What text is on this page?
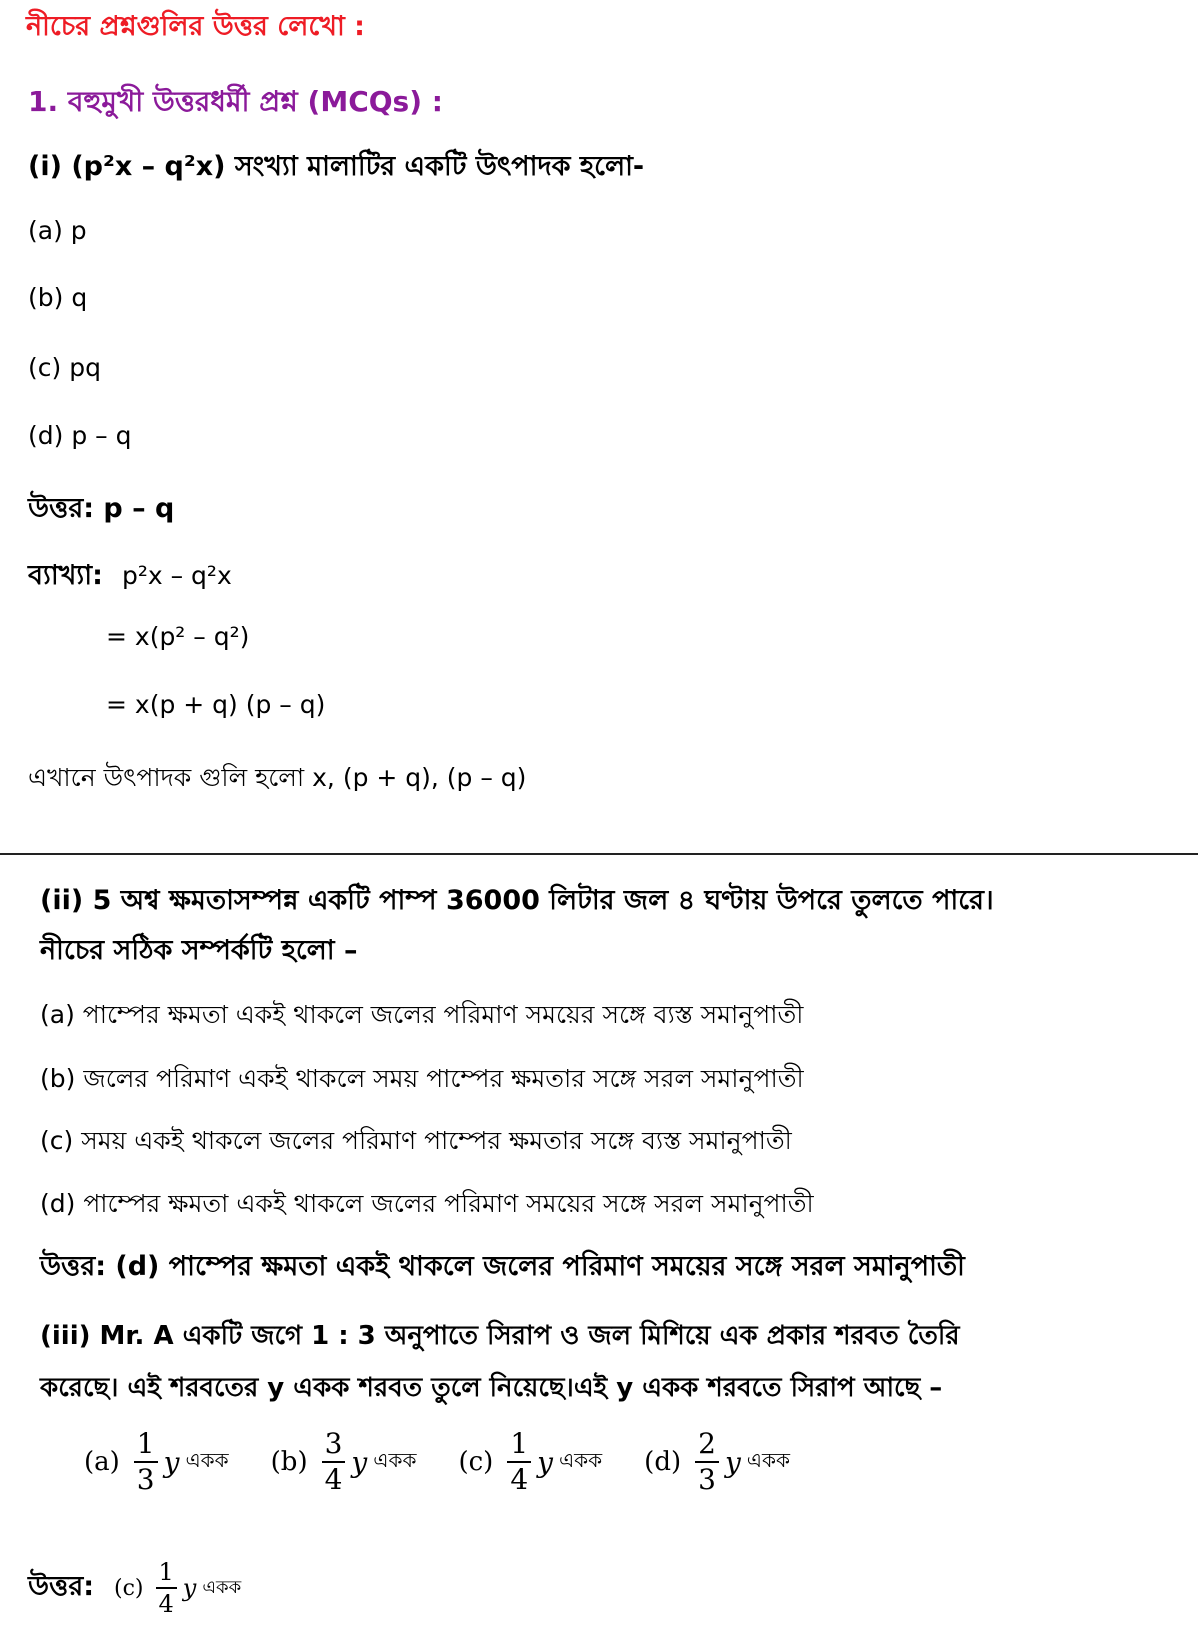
নীচের প্রশ্নগুলির উত্তর লেখো :
1. বহুমুখী উত্তরধর্মী প্রশ্ন (MCQs) :
(i) (p²x – q²x) সংখ্যা মালাটির একটি উৎপাদক হলো-
(a) p
(b) q
(c) pq
(d) p – q
উত্তর: p – q
ব্যাখ্যা: p²x – q²x
= x(p² – q²)
= x(p + q) (p – q)
এখানে উৎপাদক গুলি হলো x, (p + q), (p – q)
(ii) 5 অশ্ব ক্ষমতাসম্পন্ন একটি পাম্প 36000 লিটার জল ৪ ঘণ্টায় উপরে তুলতে পারে।
নীচের সঠিক সম্পর্কটি হলো –
(a) পাম্পের ক্ষমতা একই থাকলে জলের পরিমাণ সময়ের সঙ্গে ব্যস্ত সমানুপাতী
(b) জলের পরিমাণ একই থাকলে সময় পাম্পের ক্ষমতার সঙ্গে সরল সমানুপাতী
(c) সময় একই থাকলে জলের পরিমাণ পাম্পের ক্ষমতার সঙ্গে ব্যস্ত সমানুপাতী
(d) পাম্পের ক্ষমতা একই থাকলে জলের পরিমাণ সময়ের সঙ্গে সরল সমানুপাতী
উত্তর: (d) পাম্পের ক্ষমতা একই থাকলে জলের পরিমাণ সময়ের সঙ্গে সরল সমানুপাতী
(iii) Mr. A একটি জগে 1 : 3 অনুপাতে সিরাপ ও জল মিশিয়ে এক প্রকার শরবত তৈরি
করেছে। এই শরবতের y একক শরবত তুলে নিয়েছে।এই y একক শরবতে সিরাপ আছে –
$(a) \frac{1}{3}$ y একক $(b) \frac{3}{4}$ y একক $(c) \frac{1}{4}$ y একক $(d) \frac{2}{3}$ y একক
উত্তর: $(c) \frac{1}{4}$ y একক
